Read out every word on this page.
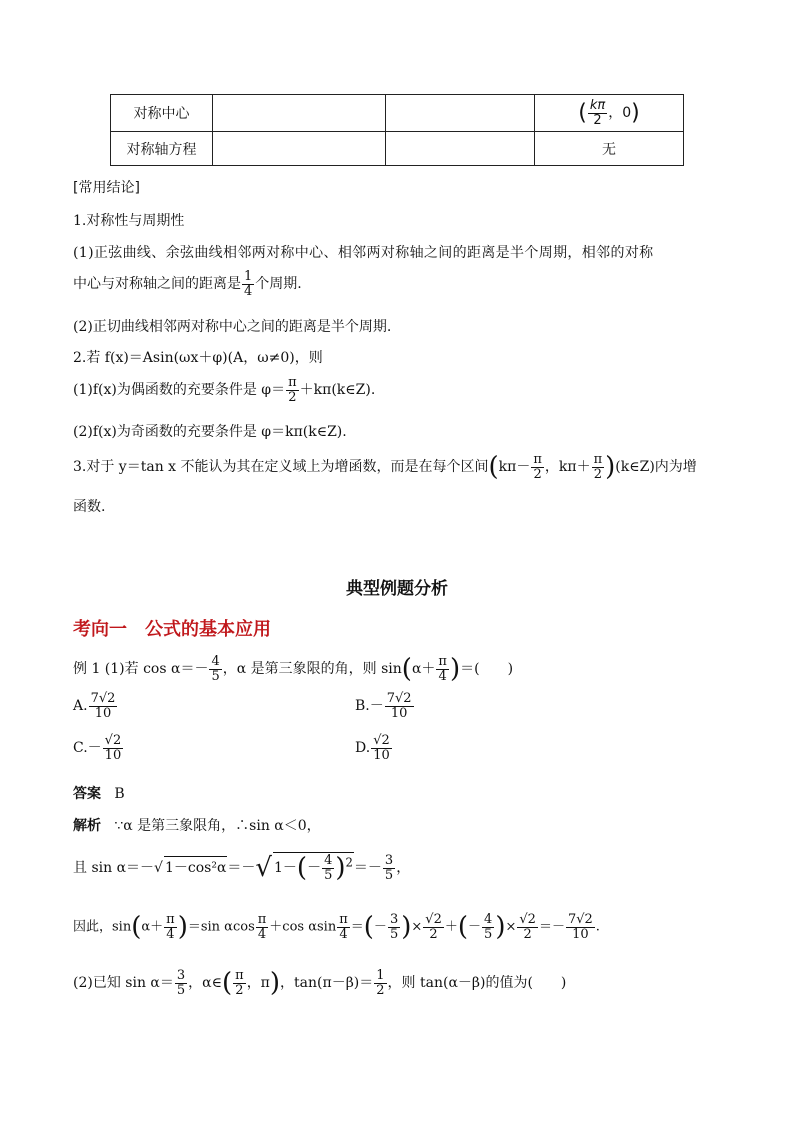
对称中心			( $\frac{k\pi}{2}$ ，0)
对称轴方程			无
[常用结论]
1.对称性与周期性
(1)正弦曲线、余弦曲线相邻两对称中心、相邻两对称轴之间的距离是半个周期，相邻的对称
中心与对称轴之间的距离是 $\frac{1}{4}$ 个周期.
(2)正切曲线相邻两对称中心之间的距离是半个周期.
2.若 f(x)＝Asin(ωx＋φ)(A，ω≠0)，则
(1)f(x)为偶函数的充要条件是 $\varphi= \frac{\pi}{2}$ ＋kπ(k∈Z).
(2)f(x)为奇函数的充要条件是 φ＝kπ(k∈Z).
3.对于 y＝tan x 不能认为其在定义域上为增函数，而是在每个区间($k\pi- \frac{\pi}{2}$ ，$k\pi+ \frac{\pi}{2}$ )(k∈Z)内为增
函数.
典型例题分析
考向一　公式的基本应用
例 1 (1)若 $\cos \alpha=- \frac{4}{5}$ ，α 是第三象限的角，则 $\sin(\alpha+ \frac{\pi}{4}$ )＝(　　)
A. $\frac{7√2}{10}$	$B.- \frac{7√2}{10}$
$C.- \frac{√2}{10}$	D. $\frac{√2}{10}$
答案 B
解析 ∵α 是第三象限角，∴sin α＜0，
且 sin α＝－√ 1－cos²α＝－√ $1-(- \frac{4}{5} )^2=- \frac{3}{5}$ ，
因此，$\sin(\alpha+ \frac{\pi}{4} )=\sin$ αcos $\frac{\pi}{4} +\cos$ αsin $\frac{\pi}{4}$ ＝(－ $\frac{3}{5}$ )× $\frac{√2}{2}$ ＋(－ $\frac{4}{5}$ )× $\frac{√2}{2} =- \frac{7√2}{10}$ .
(2)已知 $\sin \alpha= \frac{3}{5}$ ，α∈( $\frac{\pi}{2}$ ，π)，$\tan(\pi-\beta)= \frac{1}{2}$ ，则 tan(α－β)的值为(　　)
